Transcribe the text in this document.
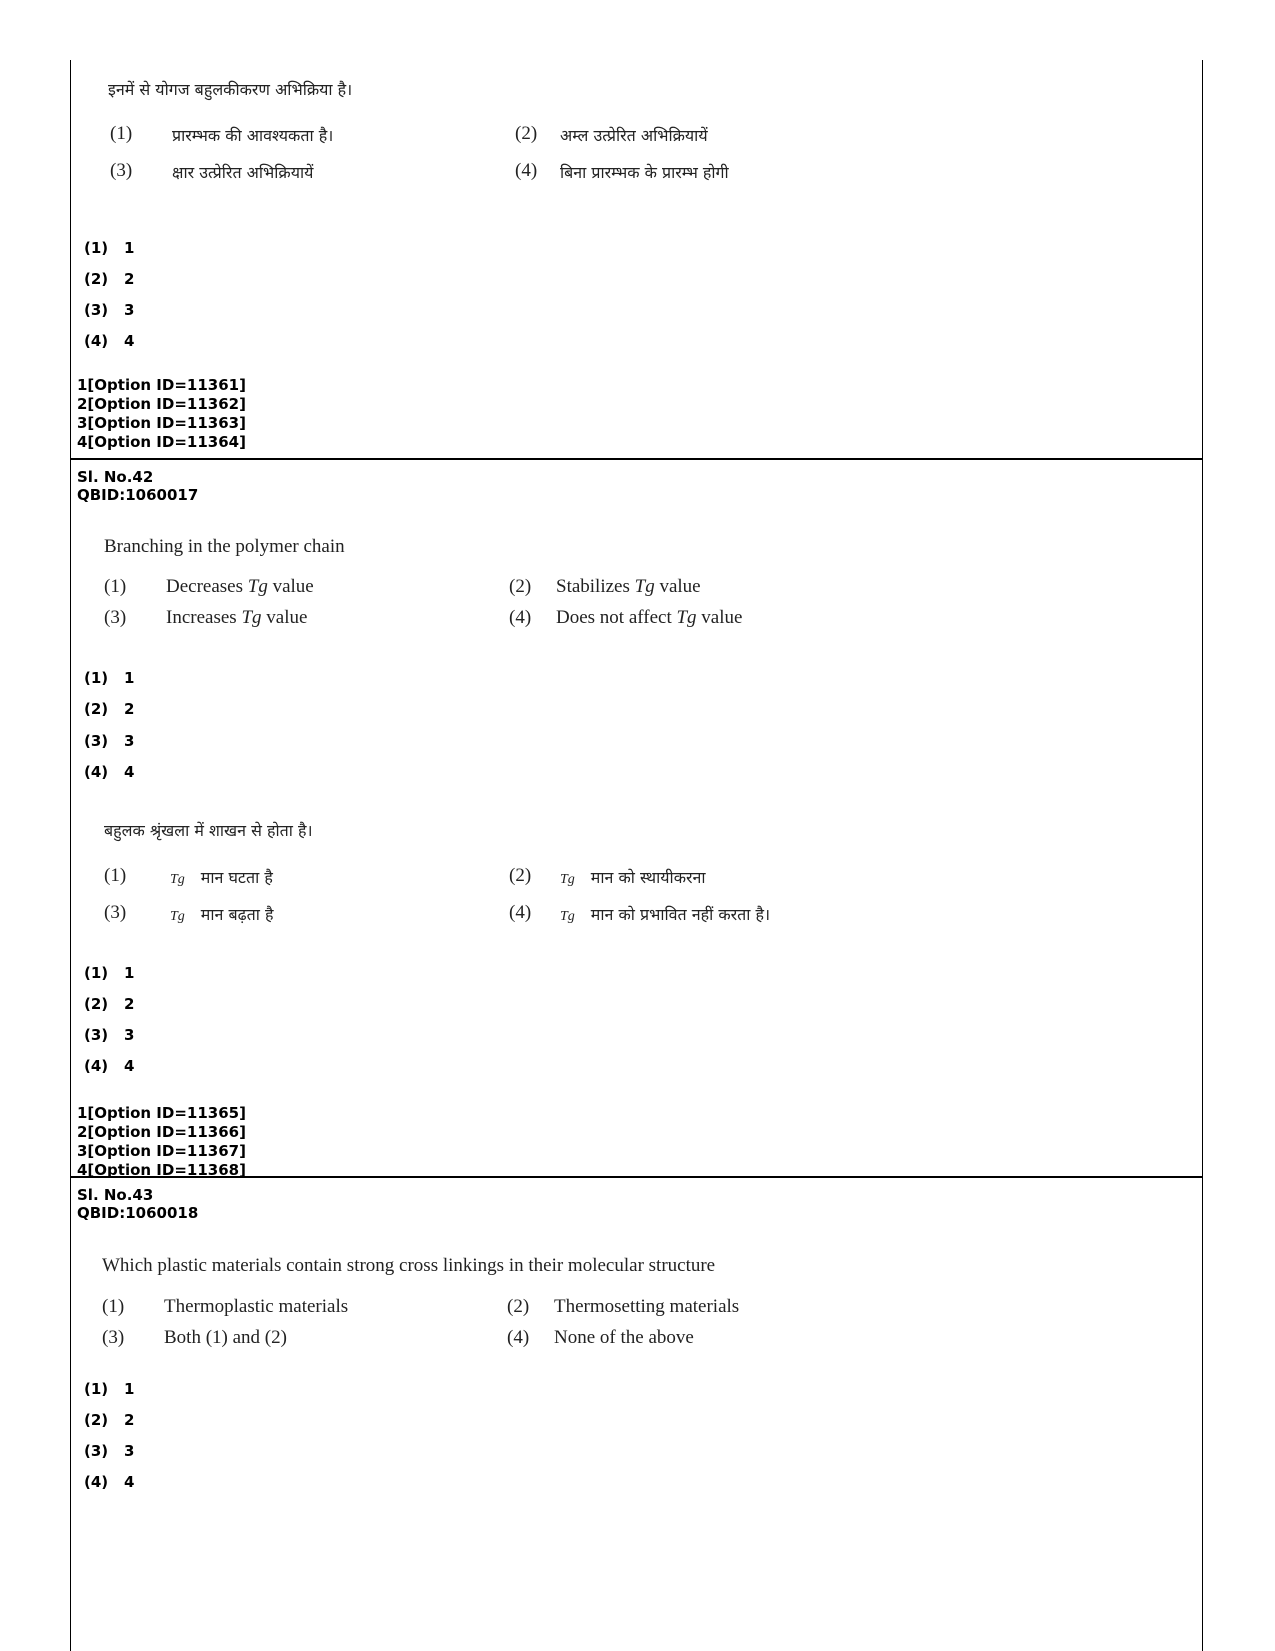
इनमें से योगज बहुलकीकरण अभिक्रिया है।
(1) प्रारम्भक की आवश्यकता है।	(2) अम्ल उत्प्रेरित अभिक्रियायें
(3) क्षार उत्प्रेरित अभिक्रियायें	(4) बिना प्रारम्भक के प्रारम्भ होगी
(1) 1
(2) 2
(3) 3
(4) 4
1[Option ID=11361]
2[Option ID=11362]
3[Option ID=11363]
4[Option ID=11364]
Sl. No.42
QBID:1060017
Branching in the polymer chain
(1) Decreases Tg value	(2) Stabilizes Tg value
(3) Increases Tg value	(4) Does not affect Tg value
(1) 1
(2) 2
(3) 3
(4) 4
बहुलक श्रृंखला में शाखन से होता है।
(1)	Tg मान घटता है	(2) Tg मान को स्थायीकरना
(3)	Tg मान बढ़ता है	(4) Tg मान को प्रभावित नहीं करता है।
(1) 1
(2) 2
(3) 3
(4) 4
1[Option ID=11365]
2[Option ID=11366]
3[Option ID=11367]
4[Option ID=11368]
Sl. No.43
QBID:1060018
Which plastic materials contain strong cross linkings in their molecular structure
(1) Thermoplastic materials	(2) Thermosetting materials
(3) Both (1) and (2)	(4) None of the above
(1) 1
(2) 2
(3) 3
(4) 4
